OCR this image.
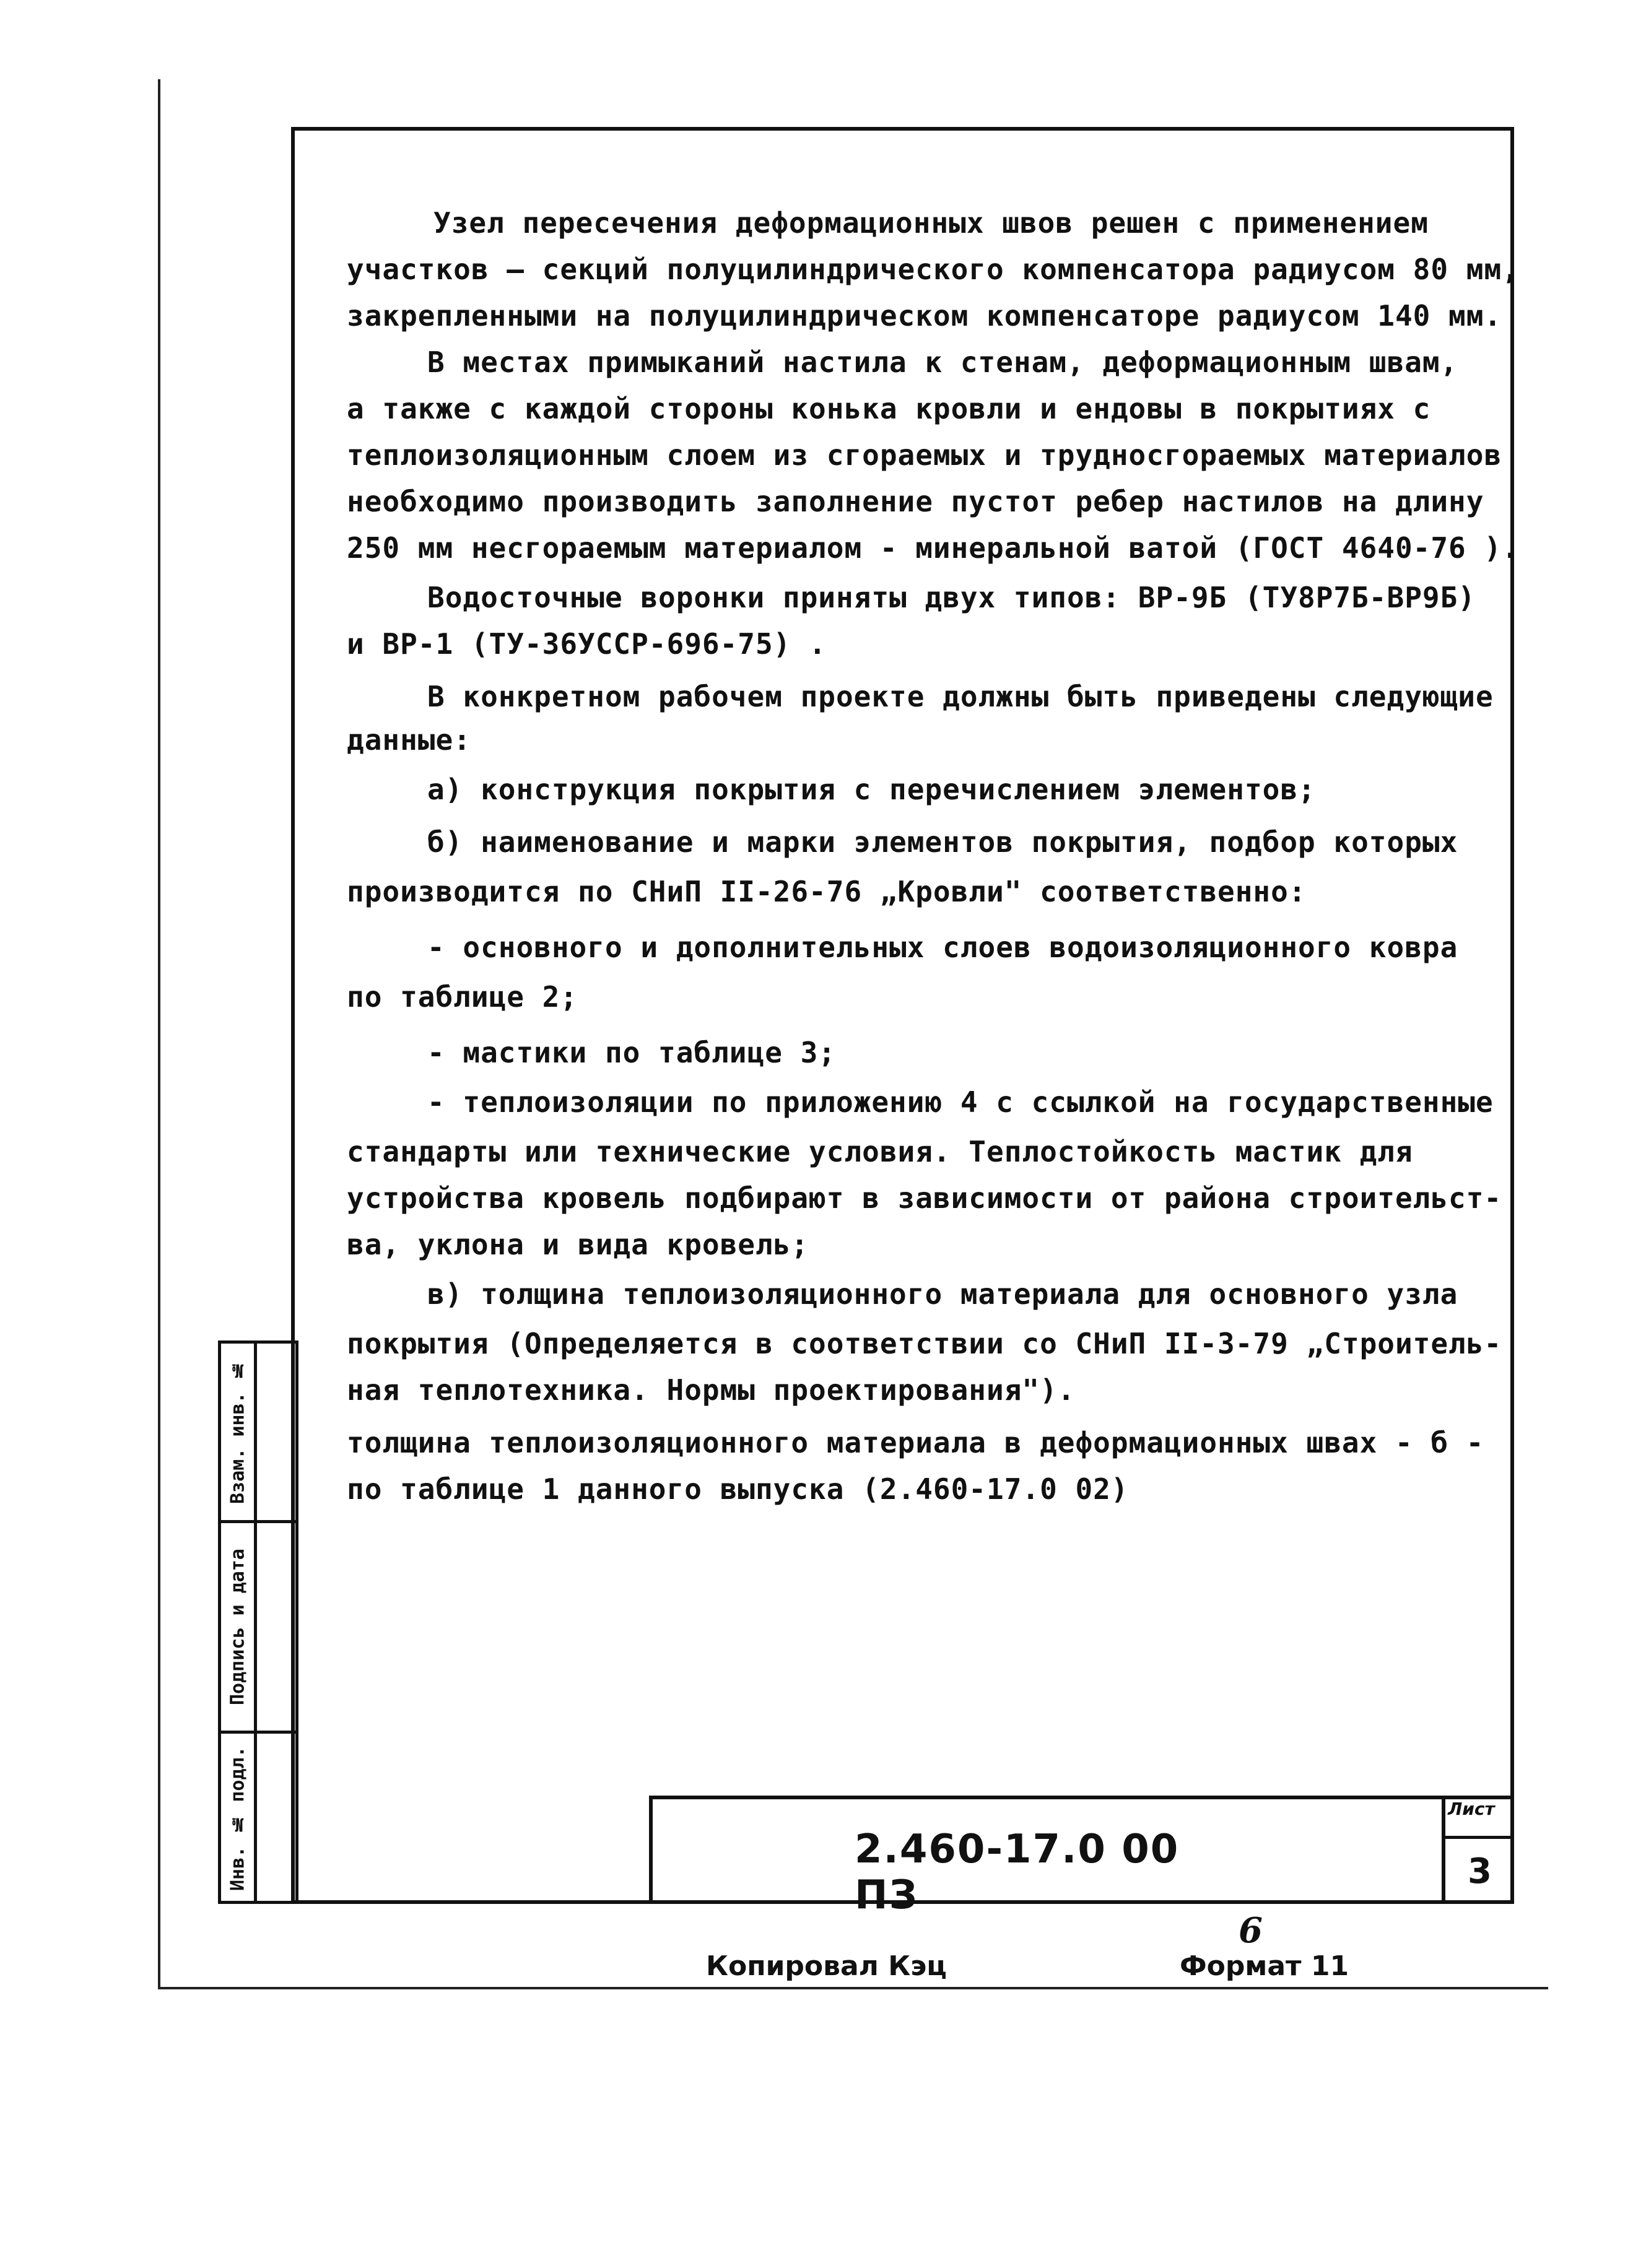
Узел пересечения деформационных швов решен с применением
участков – секций полуцилиндрического компенсатора радиусом 80 мм,
закрепленными на полуцилиндрическом компенсаторе радиусом 140 мм.
В местах примыканий настила к стенам, деформационным швам,
а также с каждой стороны конька кровли и ендовы в покрытиях с
теплоизоляционным слоем из сгораемых и трудносгораемых материалов
необходимо производить заполнение пустот ребер настилов на длину
250 мм несгораемым материалом - минеральной ватой (ГОСТ 4640-76 ).
Водосточные воронки приняты двух типов: ВР-9Б (ТУ8Р7Б-ВР9Б)
и ВР-1 (ТУ-36УССР-696-75) .
В конкретном рабочем проекте должны быть приведены следующие
данные:
а) конструкция покрытия с перечислением элементов;
б) наименование и марки элементов покрытия, подбор которых
производится по СНиП II-26-76 „Кровли" соответственно:
- основного и дополнительных слоев водоизоляционного ковра
по таблице 2;
- мастики по таблице 3;
- теплоизоляции по приложению 4 с ссылкой на государственные
стандарты или технические условия. Теплостойкость мастик для
устройства кровель подбирают в зависимости от района строительст-
ва, уклона и вида кровель;
в) толщина теплоизоляционного материала для основного узла
покрытия (Определяется в соответствии со СНиП II-3-79 „Строитель-
ная теплотехника. Нормы проектирования").
толщина теплоизоляционного материала в деформационных швах - б -
по таблице 1 данного выпуска (2.460-17.0 02)
Инв. № подл.
Подпись и дата
Взам. инв. №
2.460-17.0 00 ПЗ
Лист
3
6
Копировал Кэц	Формат 11
